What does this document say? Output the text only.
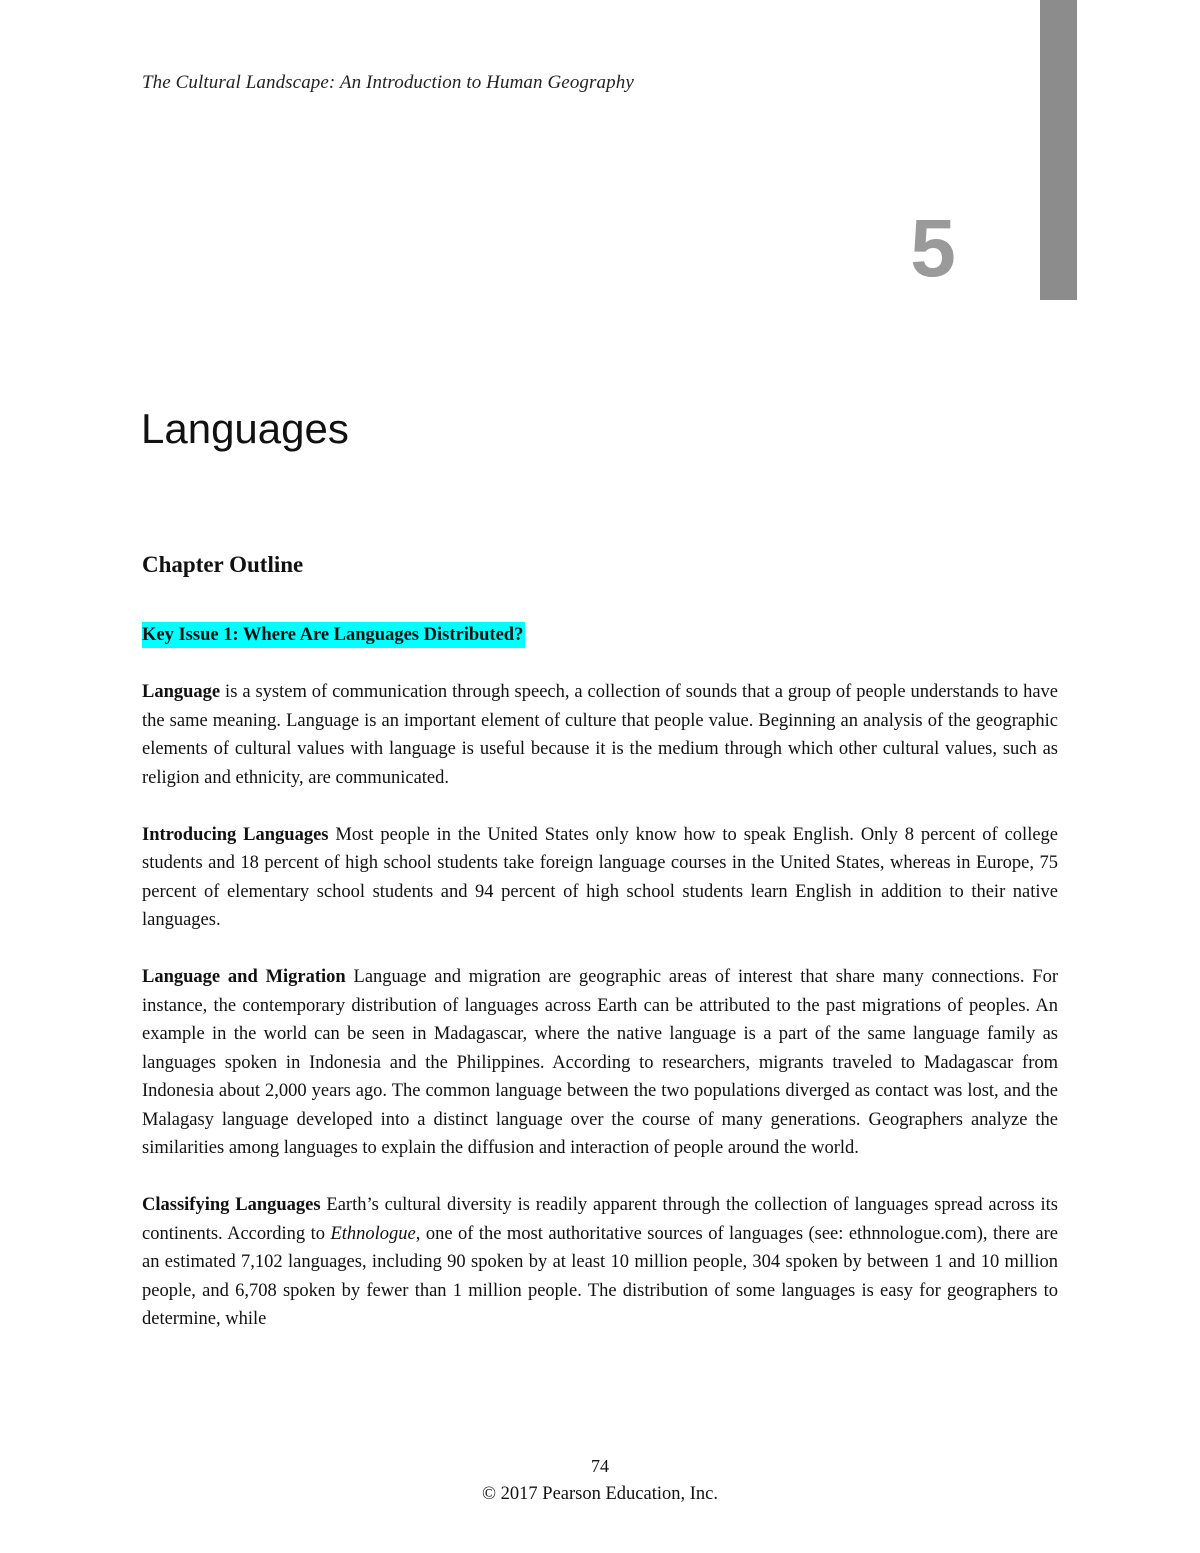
The Cultural Landscape: An Introduction to Human Geography
5
Languages
Chapter Outline
Key Issue 1: Where Are Languages Distributed?

Language is a system of communication through speech, a collection of sounds that a group of people understands to have the same meaning. Language is an important element of culture that people value. Beginning an analysis of the geographic elements of cultural values with language is useful because it is the medium through which other cultural values, such as religion and ethnicity, are communicated.

Introducing Languages Most people in the United States only know how to speak English. Only 8 percent of college students and 18 percent of high school students take foreign language courses in the United States, whereas in Europe, 75 percent of elementary school students and 94 percent of high school students learn English in addition to their native languages.

Language and Migration Language and migration are geographic areas of interest that share many connections. For instance, the contemporary distribution of languages across Earth can be attributed to the past migrations of peoples. An example in the world can be seen in Madagascar, where the native language is a part of the same language family as languages spoken in Indonesia and the Philippines. According to researchers, migrants traveled to Madagascar from Indonesia about 2,000 years ago. The common language between the two populations diverged as contact was lost, and the Malagasy language developed into a distinct language over the course of many generations. Geographers analyze the similarities among languages to explain the diffusion and interaction of people around the world.

Classifying Languages Earth’s cultural diversity is readily apparent through the collection of languages spread across its continents. According to Ethnologue, one of the most authoritative sources of languages (see: ethnnologue.com), there are an estimated 7,102 languages, including 90 spoken by at least 10 million people, 304 spoken by between 1 and 10 million people, and 6,708 spoken by fewer than 1 million people. The distribution of some languages is easy for geographers to determine, while

74
© 2017 Pearson Education, Inc.
